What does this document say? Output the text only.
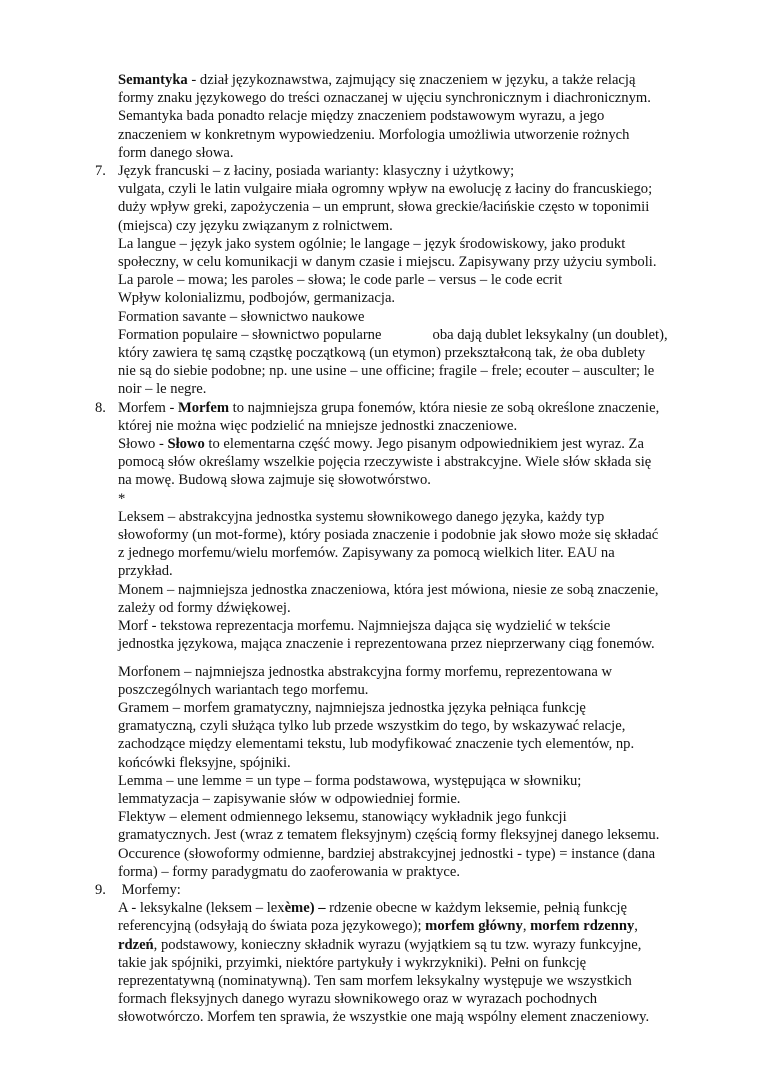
Semantyka - dział językoznawstwa, zajmujący się znaczeniem w języku, a także relacją

formy znaku językowego do treści oznaczanej w ujęciu synchronicznym i diachronicznym.

Semantyka bada ponadto relacje między znaczeniem podstawowym wyrazu, a jego

znaczeniem w konkretnym wypowiedzeniu. Morfologia umożliwia utworzenie rożnych

form danego słowa.

7. Język francuski – z łaciny, posiada warianty: klasyczny i użytkowy;

vulgata, czyli le latin vulgaire miała ogromny wpływ na ewolucję z łaciny do francuskiego;

duży wpływ greki, zapożyczenia – un emprunt, słowa greckie/łacińskie często w toponimii

(miejsca) czy języku związanym z rolnictwem.

La langue – język jako system ogólnie; le langage – język środowiskowy, jako produkt

społeczny, w celu komunikacji w danym czasie i miejscu. Zapisywany przy użyciu symboli.

La parole – mowa; les paroles – słowa; le code parle – versus – le code ecrit

Wpływ kolonializmu, podbojów, germanizacja.

Formation savante – słownictwo naukowe

Formation populaire – słownictwo popularne              oba dają dublet leksykalny (un doublet),

który zawiera tę samą cząstkę początkową (un etymon) przekształconą tak, że oba dublety

nie są do siebie podobne; np. une usine – une officine; fragile – frele; ecouter – ausculter; le

noir – le negre.

8. Morfem - Morfem to najmniejsza grupa fonemów, która niesie ze sobą określone znaczenie,

której nie można więc podzielić na mniejsze jednostki znaczeniowe.

Słowo - Słowo to elementarna część mowy. Jego pisanym odpowiednikiem jest wyraz. Za

pomocą słów określamy wszelkie pojęcia rzeczywiste i abstrakcyjne. Wiele słów składa się

na mowę. Budową słowa zajmuje się słowotwórstwo.

*

Leksem – abstrakcyjna jednostka systemu słownikowego danego języka, każdy typ

słowoformy (un mot-forme), który posiada znaczenie i podobnie jak słowo może się składać

z jednego morfemu/wielu morfemów. Zapisywany za pomocą wielkich liter. EAU na

przykład.

Monem – najmniejsza jednostka znaczeniowa, która jest mówiona, niesie ze sobą znaczenie,

zależy od formy dźwiękowej.

Morf - tekstowa reprezentacja morfemu. Najmniejsza dająca się wydzielić w tekście

jednostka językowa, mająca znaczenie i reprezentowana przez nieprzerwany ciąg fonemów.

Morfonem – najmniejsza jednostka abstrakcyjna formy morfemu, reprezentowana w

poszczególnych wariantach tego morfemu.

Gramem – morfem gramatyczny, najmniejsza jednostka języka pełniąca funkcję

gramatyczną, czyli służąca tylko lub przede wszystkim do tego, by wskazywać relacje,

zachodzące między elementami tekstu, lub modyfikować znaczenie tych elementów, np.

końcówki fleksyjne, spójniki.

Lemma – une lemme = un type – forma podstawowa, występująca w słowniku;

lemmatyzacja – zapisywanie słów w odpowiedniej formie.

Flektyw – element odmiennego leksemu, stanowiący wykładnik jego funkcji

gramatycznych. Jest (wraz z tematem fleksyjnym) częścią formy fleksyjnej danego leksemu.

Occurence (słowoformy odmienne, bardziej abstrakcyjnej jednostki - type) = instance (dana

forma) – formy paradygmatu do zaoferowania w praktyce.

9. Morfemy:

A - leksykalne (leksem – lexème) – rdzenie obecne w każdym leksemie, pełnią funkcję

referencyjną (odsyłają do świata poza językowego); morfem główny, morfem rdzenny,

rdzeń, podstawowy, konieczny składnik wyrazu (wyjątkiem są tu tzw. wyrazy funkcyjne,

takie jak spójniki, przyimki, niektóre partykuły i wykrzykniki). Pełni on funkcję

reprezentatywną (nominatywną). Ten sam morfem leksykalny występuje we wszystkich

formach fleksyjnych danego wyrazu słownikowego oraz w wyrazach pochodnych

słowotwórczo. Morfem ten sprawia, że wszystkie one mają wspólny element znaczeniowy.
